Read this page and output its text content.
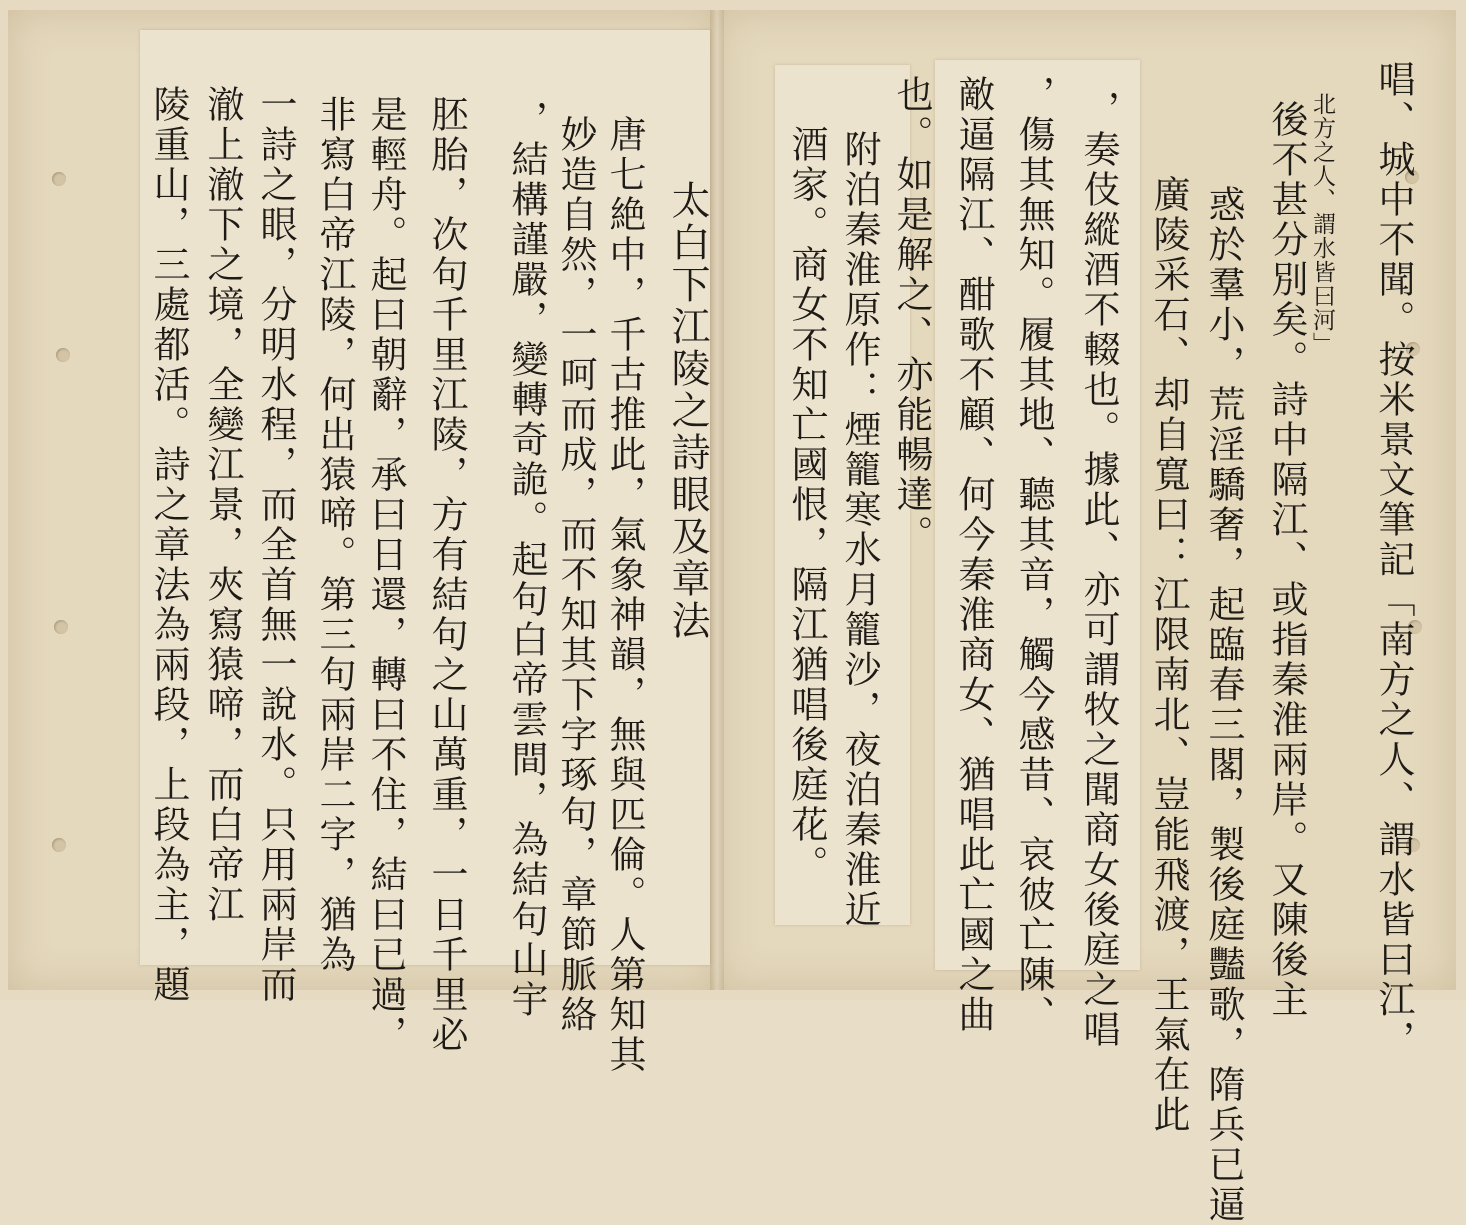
太白下江陵之詩眼及章法
唐七絶中，千古推此，氣象神韻，無與匹倫。人第知其
妙造自然，一呵而成，而不知其下字琢句，章節脈絡
，結構謹嚴，變轉奇詭。起句白帝雲間，為結句山宇
胚胎，次句千里江陵，方有結句之山萬重，一日千里必
是輕舟。起曰朝辭，承曰日還，轉曰不住，結曰已過，
非寫白帝江陵，何出猿啼。第三句兩岸二字，猶為
一詩之眼，分明水程，而全首無一說水。只用兩岸而
澈上澈下之境，全變江景，夾寫猿啼，而白帝江
陵重山，三處都活。詩之章法為兩段，上段為主，題	唱、城中不聞。按米景文筆記「南方之人、謂水皆曰江，
北方之人、謂水皆曰河」
後不甚分別矣。詩中隔江、或指秦淮兩岸。又陳後主
惑於羣小，荒淫驕奢，起臨春三閣，製後庭豔歌，隋兵已逼
廣陵采石、却自寬曰：江限南北、豈能飛渡，王氣在此
，奏伎縱酒不輟也。據此、亦可謂牧之聞商女後庭之唱
，傷其無知。履其地、聽其音，觸今感昔、哀彼亡陳、
敵逼隔江、酣歌不顧、何今秦淮商女、猶唱此亡國之曲
也。如是解之、亦能暢達。
附泊秦淮原作：煙籠寒水月籠沙，夜泊秦淮近
酒家。商女不知亡國恨，隔江猶唱後庭花。
